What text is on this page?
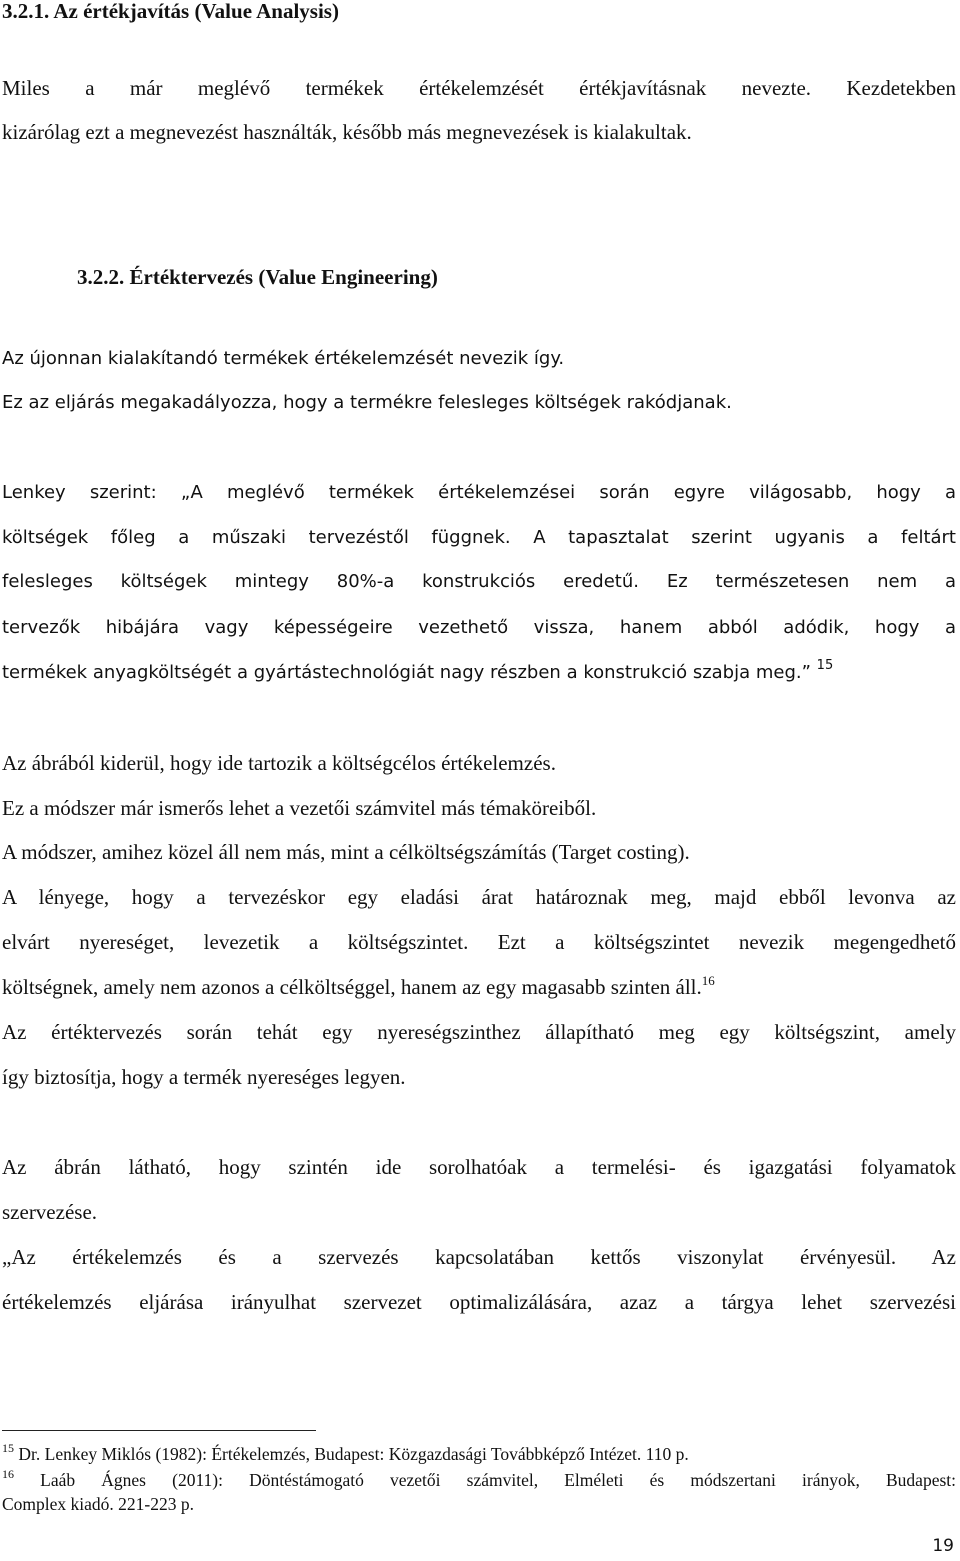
3.2.1. Az értékjavítás (Value Analysis)

Miles a már meglévő termékek értékelemzését értékjavításnak nevezte. Kezdetekben

kizárólag ezt a megnevezést használták, később más megnevezések is kialakultak.

3.2.2. Értéktervezés (Value Engineering)

Az újonnan kialakítandó termékek értékelemzését nevezik így.

Ez az eljárás megakadályozza, hogy a termékre felesleges költségek rakódjanak.

Lenkey szerint: „A meglévő termékek értékelemzései során egyre világosabb, hogy a

költségek főleg a műszaki tervezéstől függnek. A tapasztalat szerint ugyanis a feltárt

felesleges költségek mintegy 80%-a konstrukciós eredetű. Ez természetesen nem a

tervezők hibájára vagy képességeire vezethető vissza, hanem abból adódik, hogy a

termékek anyagköltségét a gyártástechnológiát nagy részben a konstrukció szabja meg.” $^{15}$

Az ábrából kiderül, hogy ide tartozik a költségcélos értékelemzés.

Ez a módszer már ismerős lehet a vezetői számvitel más témaköreiből.

A módszer, amihez közel áll nem más, mint a célköltségszámítás (Target costing).

A lényege, hogy a tervezéskor egy eladási árat határoznak meg, majd ebből levonva az

elvárt nyereséget, levezetik a költségszintet. Ezt a költségszintet nevezik megengedhető

költségnek, amely nem azonos a célköltséggel, hanem az egy magasabb szinten áll.$^{16}$

Az értéktervezés során tehát egy nyereségszinthez állapítható meg egy költségszint, amely

így biztosítja, hogy a termék nyereséges legyen.

Az ábrán látható, hogy szintén ide sorolhatóak a termelési- és igazgatási folyamatok

szervezése.

„Az értékelemzés és a szervezés kapcsolatában kettős viszonylat érvényesül. Az

értékelemzés eljárása irányulhat szervezet optimalizálására, azaz a tárgya lehet szervezési

$^{15}$ Dr. Lenkey Miklós (1982): Értékelemzés, Budapest: Közgazdasági Továbbképző Intézet. 110 p.

$^{16}$ Laáb Ágnes (2011): Döntéstámogató vezetői számvitel, Elméleti és módszertani irányok, Budapest:

Complex kiadó. 221-223 p.

19
